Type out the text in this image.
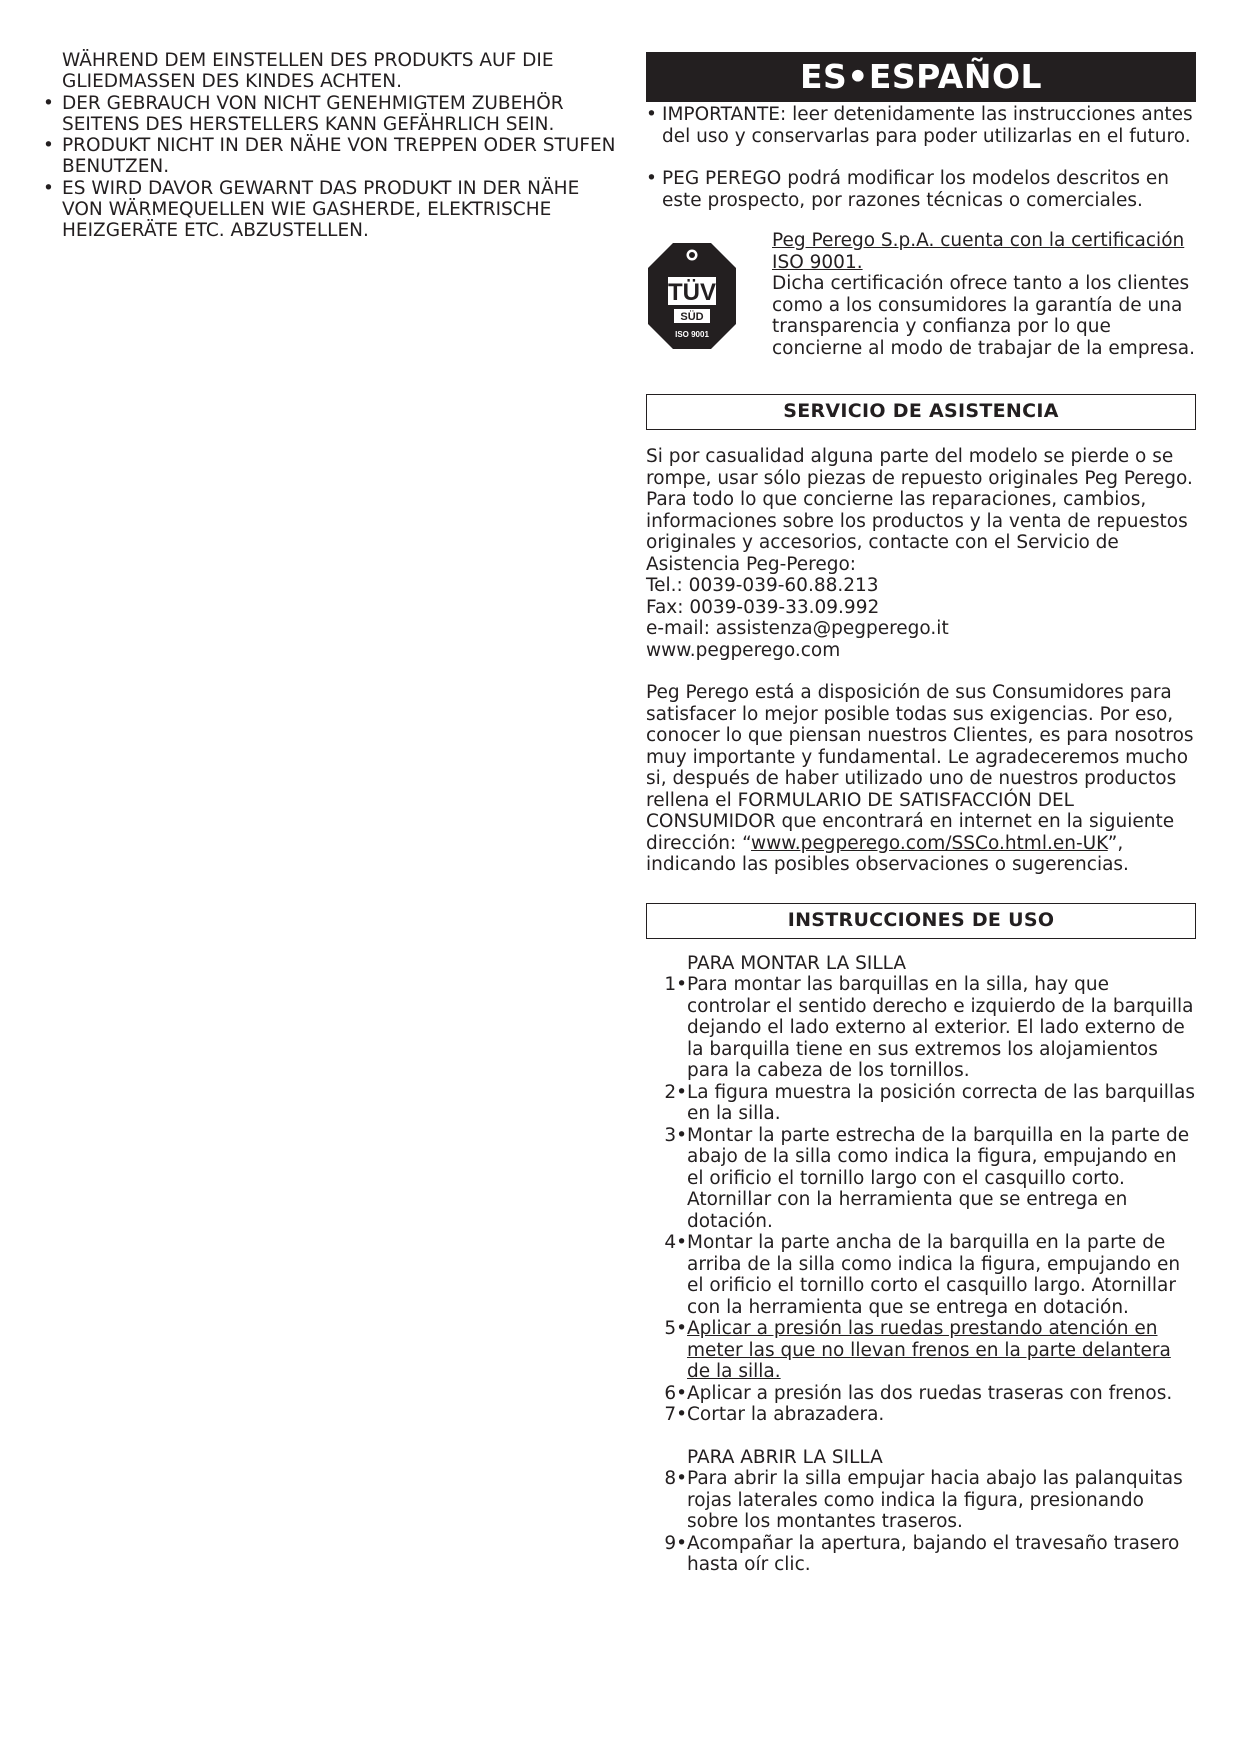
WÄHREND DEM EINSTELLEN DES PRODUKTS AUF DIE GLIEDMASSEN DES KINDES ACHTEN.

• DER GEBRAUCH VON NICHT GENEHMIGTEM ZUBEHÖR SEITENS DES HERSTELLERS KANN GEFÄHRLICH SEIN.

• PRODUKT NICHT IN DER NÄHE VON TREPPEN ODER STUFEN BENUTZEN.

• ES WIRD DAVOR GEWARNT DAS PRODUKT IN DER NÄHE VON WÄRMEQUELLEN WIE GASHERDE, ELEKTRISCHE HEIZGERÄTE ETC. ABZUSTELLEN.

ES•ESPAÑOL

• IMPORTANTE: leer detenidamente las instrucciones antes del uso y conservarlas para poder utilizarlas en el futuro.

• PEG PEREGO podrá modificar los modelos descritos en este prospecto, por razones técnicas o comerciales.

TÜV
SÜD
ISO 9001
Peg Perego S.p.A. cuenta con la certificación ISO 9001.
Dicha certificación ofrece tanto a los clientes como a los consumidores la garantía de una transparencia y confianza por lo que concierne al modo de trabajar de la empresa.
SERVICIO DE ASISTENCIA

Si por casualidad alguna parte del modelo se pierde o se rompe, usar sólo piezas de repuesto originales Peg Perego. Para todo lo que concierne las reparaciones, cambios, informaciones sobre los productos y la venta de repuestos originales y accesorios, contacte con el Servicio de Asistencia Peg-Perego:

Tel.: 0039-039-60.88.213

Fax: 0039-039-33.09.992

e-mail: assistenza@pegperego.it

www.pegperego.com

Peg Perego está a disposición de sus Consumidores para satisfacer lo mejor posible todas sus exigencias. Por eso, conocer lo que piensan nuestros Clientes, es para nosotros muy importante y fundamental. Le agradeceremos mucho si, después de haber utilizado uno de nuestros productos rellena el FORMULARIO DE SATISFACCIÓN DEL CONSUMIDOR que encontrará en internet en la siguiente dirección: “www.pegperego.com/SSCo.html.en-UK”,
indicando las posibles observaciones o sugerencias.

INSTRUCCIONES DE USO

PARA MONTAR LA SILLA

1•Para montar las barquillas en la silla, hay que controlar el sentido derecho e izquierdo de la barquilla dejando el lado externo al exterior. El lado externo de la barquilla tiene en sus extremos los alojamientos para la cabeza de los tornillos.

2•La figura muestra la posición correcta de las barquillas en la silla.

3•Montar la parte estrecha de la barquilla en la parte de abajo de la silla como indica la figura, empujando en el orificio el tornillo largo con el casquillo corto. Atornillar con la herramienta que se entrega en dotación.

4•Montar la parte ancha de la barquilla en la parte de arriba de la silla como indica la figura, empujando en el orificio el tornillo corto el casquillo largo. Atornillar con la herramienta que se entrega en dotación.

5•Aplicar a presión las ruedas prestando atención en meter las que no llevan frenos en la parte delantera de la silla.

6•Aplicar a presión las dos ruedas traseras con frenos.

7•Cortar la abrazadera.

PARA ABRIR LA SILLA

8•Para abrir la silla empujar hacia abajo las palanquitas rojas laterales como indica la figura, presionando sobre los montantes traseros.

9•Acompañar la apertura, bajando el travesaño trasero hasta oír clic.
